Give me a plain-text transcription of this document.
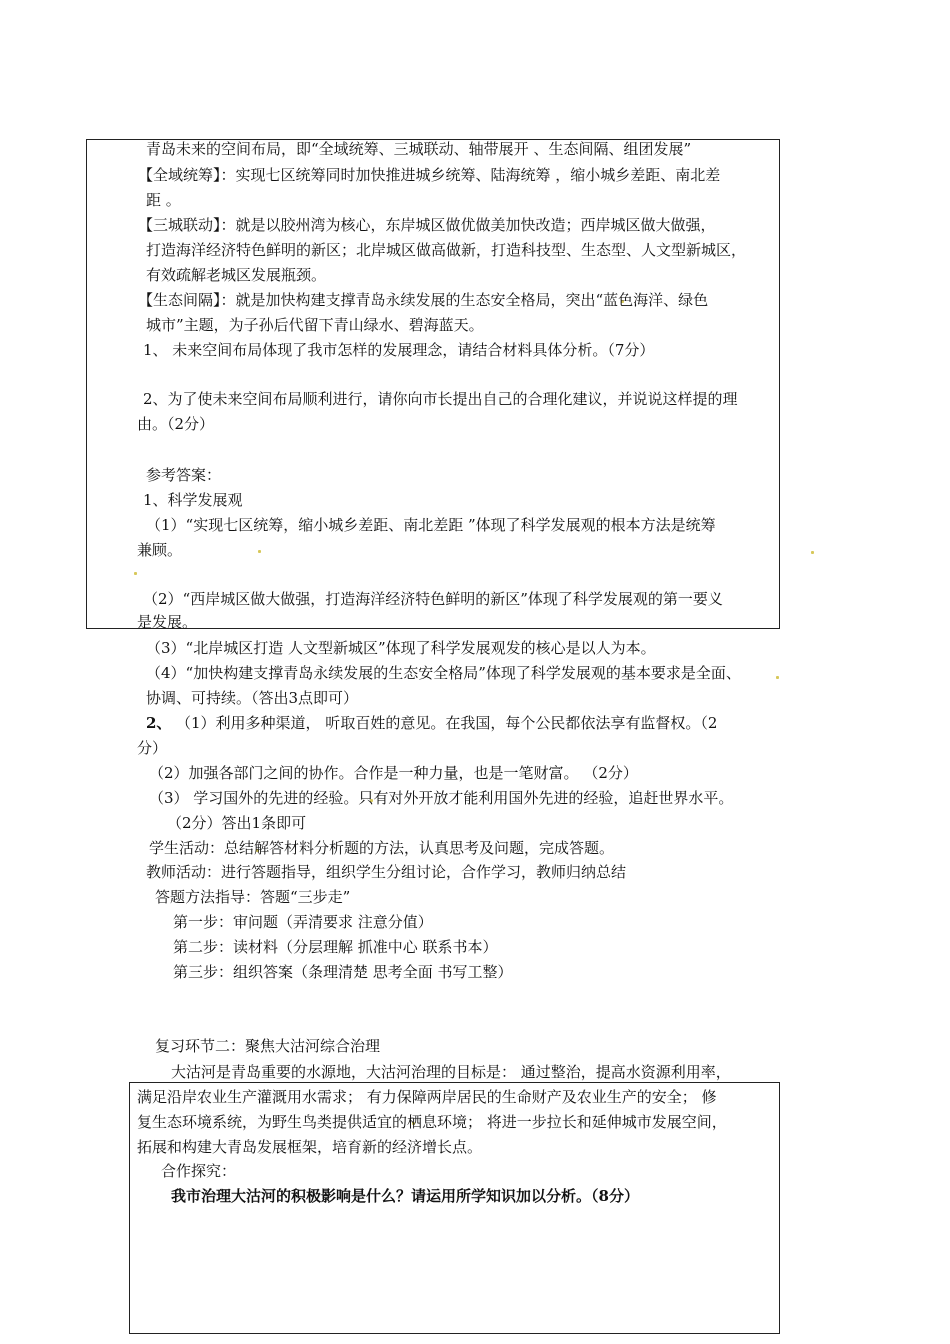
青岛未来的空间布局，即“全域统筹、三城联动、轴带展开 、生态间隔、组团发展”
【全域统筹】：实现七区统筹同时加快推进城乡统筹、陆海统筹 ，缩小城乡差距、南北差
距 。
【三城联动】：就是以胶州湾为核心，东岸城区做优做美加快改造；西岸城区做大做强，
打造海洋经济特色鲜明的新区；北岸城区做高做新，打造科技型、生态型、人文型新城区，
有效疏解老城区发展瓶颈。
【生态间隔】：就是加快构建支撑青岛永续发展的生态安全格局，突出“蓝色海洋、绿色
城市”主题，为子孙后代留下青山绿水、碧海蓝天。
1、 未来空间布局体现了我市怎样的发展理念，请结合材料具体分析。（7分）
2、为了使未来空间布局顺利进行，请你向市长提出自己的合理化建议，并说说这样提的理
由。（2分）
参考答案：
1、科学发展观
（1）“实现七区统筹，缩小城乡差距、南北差距 ”体现了科学发展观的根本方法是统筹
兼顾。
（2）“西岸城区做大做强，打造海洋经济特色鲜明的新区”体现了科学发展观的第一要义
是发展。
（3）“北岸城区打造 人文型新城区”体现了科学发展观发的核心是以人为本。
（4）“加快构建支撑青岛永续发展的生态安全格局”体现了科学发展观的基本要求是全面、
协调、可持续。（答出3点即可）
2、 （1）利用多种渠道， 听取百姓的意见。在我国，每个公民都依法享有监督权。（2
分）
（2）加强各部门之间的协作。合作是一种力量，也是一笔财富。 （2分）
（3） 学习国外的先进的经验。只有对外开放才能利用国外先进的经验，追赶世界水平。
（2分）答出1条即可
学生活动：总结解答材料分析题的方法，认真思考及问题，完成答题。
教师活动：进行答题指导，组织学生分组讨论，合作学习，教师归纳总结
答题方法指导：答题“三步走”
第一步：审问题（弄清要求 注意分值）
第二步：读材料（分层理解 抓准中心 联系书本）
第三步：组织答案（条理清楚 思考全面 书写工整）
复习环节二：聚焦大沽河综合治理
大沽河是青岛重要的水源地，大沽河治理的目标是： 通过整治，提高水资源利用率，
满足沿岸农业生产灌溉用水需求； 有力保障两岸居民的生命财产及农业生产的安全； 修
复生态环境系统，为野生鸟类提供适宜的栖息环境； 将进一步拉长和延伸城市发展空间，
拓展和构建大青岛发展框架，培育新的经济增长点。
合作探究：
我市治理大沽河的积极影响是什么？请运用所学知识加以分析。（8分）
